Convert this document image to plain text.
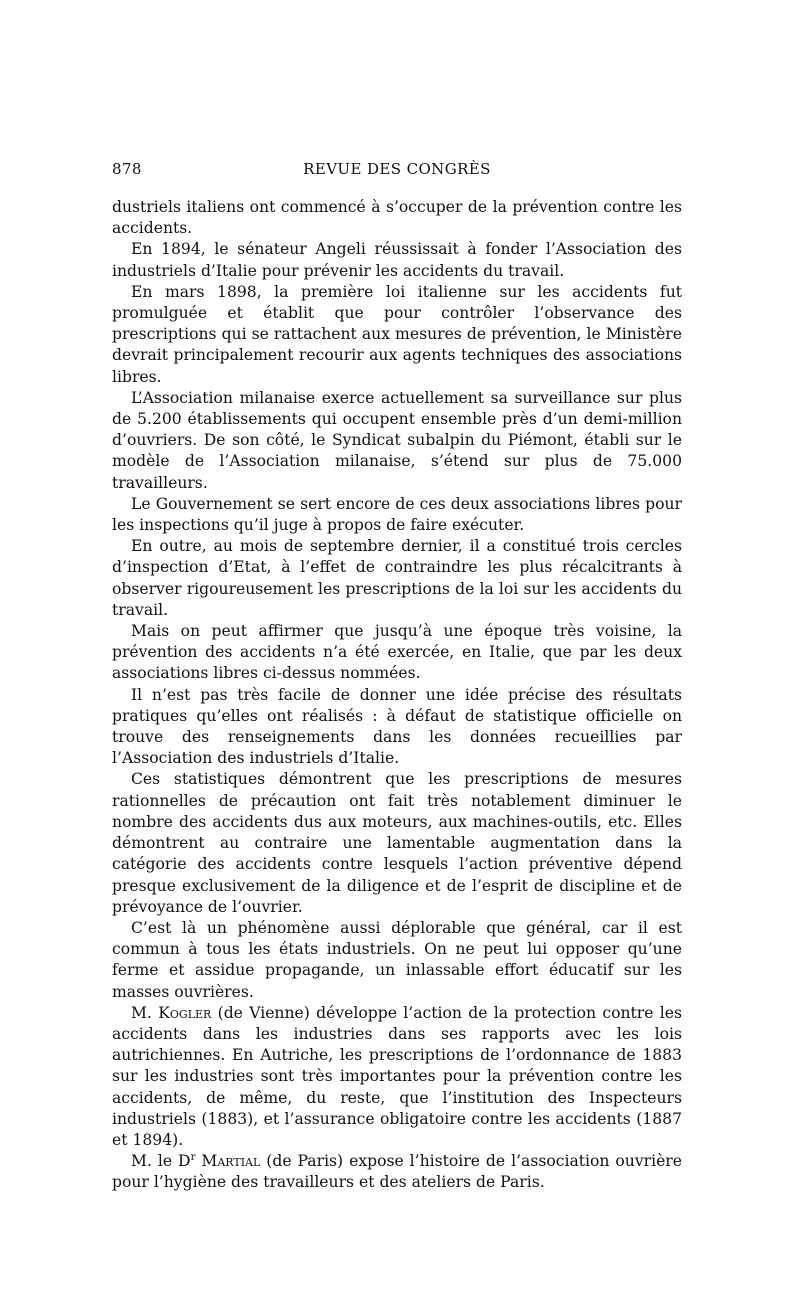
878	REVUE DES CONGRÈS

dustriels italiens ont commencé à s’occuper de la prévention contre les accidents.

En 1894, le sénateur Angeli réussissait à fonder l’Association des industriels d’Italie pour prévenir les accidents du travail.

En mars 1898, la première loi italienne sur les accidents fut promulguée et établit que pour contrôler l’observance des prescriptions qui se rattachent aux mesures de prévention, le Ministère devrait principalement recourir aux agents techniques des associations libres.

L’Association milanaise exerce actuellement sa surveillance sur plus de 5.200 établissements qui occupent ensemble près d’un demi-million d’ouvriers. De son côté, le Syndicat subalpin du Piémont, établi sur le modèle de l’Association milanaise, s’étend sur plus de 75.000 travailleurs.

Le Gouvernement se sert encore de ces deux associations libres pour les inspections qu’il juge à propos de faire exécuter.

En outre, au mois de septembre dernier, il a constitué trois cercles d’inspection d’Etat, à l’effet de contraindre les plus récalcitrants à observer rigoureusement les prescriptions de la loi sur les accidents du travail.

Mais on peut affirmer que jusqu’à une époque très voisine, la prévention des accidents n’a été exercée, en Italie, que par les deux associations libres ci-dessus nommées.

Il n’est pas très facile de donner une idée précise des résultats pratiques qu’elles ont réalisés : à défaut de statistique officielle on trouve des renseignements dans les données recueillies par l’Association des industriels d’Italie.

Ces statistiques démontrent que les prescriptions de mesures rationnelles de précaution ont fait très notablement diminuer le nombre des accidents dus aux moteurs, aux machines-outils, etc. Elles démontrent au contraire une lamentable augmentation dans la catégorie des accidents contre lesquels l’action préventive dépend presque exclusivement de la diligence et de l’esprit de discipline et de prévoyance de l’ouvrier.

C’est là un phénomène aussi déplorable que général, car il est commun à tous les états industriels. On ne peut lui opposer qu’une ferme et assidue propagande, un inlassable effort éducatif sur les masses ouvrières.

M. Kogler (de Vienne) développe l’action de la protection contre les accidents dans les industries dans ses rapports avec les lois autrichiennes. En Autriche, les prescriptions de l’ordonnance de 1883 sur les industries sont très importantes pour la prévention contre les accidents, de même, du reste, que l’institution des Inspecteurs industriels (1883), et l’assurance obligatoire contre les accidents (1887 et 1894).

M. le $D^r$ Martial (de Paris) expose l’histoire de l’association ouvrière pour l’hygiène des travailleurs et des ateliers de Paris.
